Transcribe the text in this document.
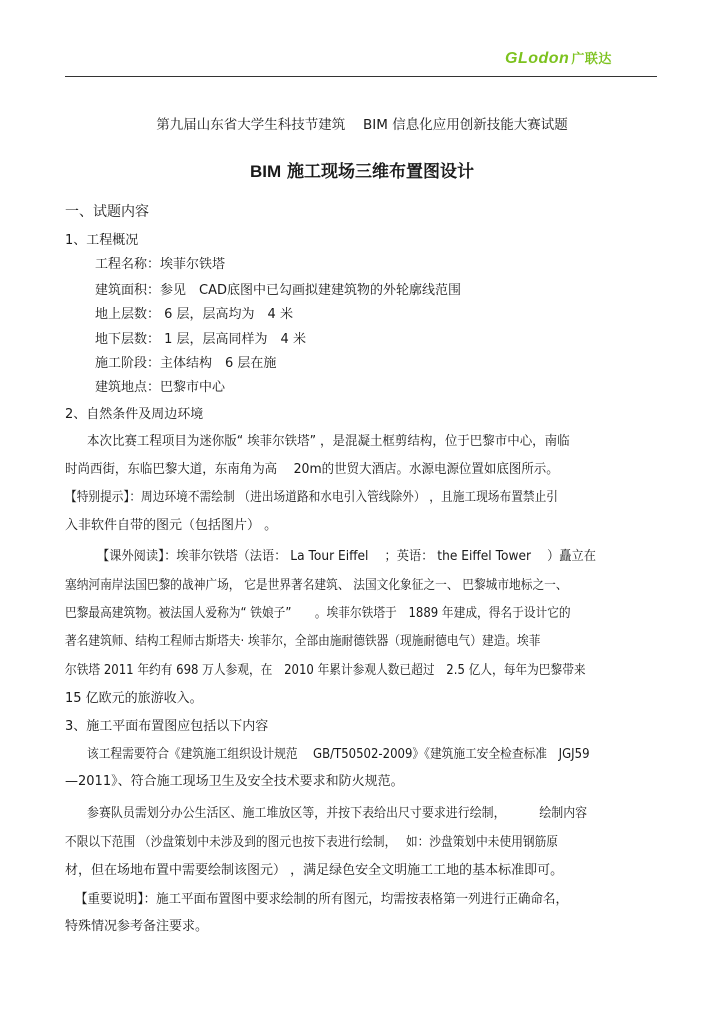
GLodon 广联达
第九届山东省大学生科技节建筑　 BIM 信息化应用创新技能大赛试题
BIM 施工现场三维布置图设计
一、试题内容
1、工程概况
工程名称：埃菲尔铁塔
建筑面积：参见　CAD底图中已勾画拟建建筑物的外轮廓线范围
地上层数： 6 层，层高均为　4 米
地下层数： 1 层，层高同样为　4 米
施工阶段：主体结构　6 层在施
建筑地点：巴黎市中心
2、自然条件及周边环境
本次比赛工程项目为迷你版“ 埃菲尔铁塔” ，是混凝土框剪结构，位于巴黎市中心，南临
时尚西街，东临巴黎大道，东南角为高　 20m的世贸大酒店。水源电源位置如底图所示。
【特别提示】：周边环境不需绘制 （进出场道路和水电引入管线除外） ，且施工现场布置禁止引
入非软件自带的图元（包括图片） 。
【课外阅读】：埃菲尔铁塔（法语： La Tour Eiffel　 ；英语： the Eiffel Tower　 ）矗立在
塞纳河南岸法国巴黎的战神广场， 它是世界著名建筑、 法国文化象征之一、 巴黎城市地标之一、
巴黎最高建筑物。被法国人爱称为“ 铁娘子”　　。埃菲尔铁塔于　1889 年建成，得名于设计它的
著名建筑师、结构工程师古斯塔夫· 埃菲尔，全部由施耐德铁器（现施耐德电气）建造。埃菲
尔铁塔 2011 年约有 698 万人参观，在　2010 年累计参观人数已超过　2.5 亿人，每年为巴黎带来
15 亿欧元的旅游收入。
3、施工平面布置图应包括以下内容
该工程需要符合《建筑施工组织设计规范　 GB/T50502-2009》《建筑施工安全检查标准　JGJ59
—2011》、符合施工现场卫生及安全技术要求和防火规范。
参赛队员需划分办公生活区、施工堆放区等，并按下表给出尺寸要求进行绘制，　　　 绘制内容
不限以下范围 （沙盘策划中未涉及到的图元也按下表进行绘制，　 如：沙盘策划中未使用钢筋原
材，但在场地布置中需要绘制该图元） ，满足绿色安全文明施工工地的基本标准即可。
【重要说明】：施工平面布置图中要求绘制的所有图元，均需按表格第一列进行正确命名，
特殊情况参考备注要求。
